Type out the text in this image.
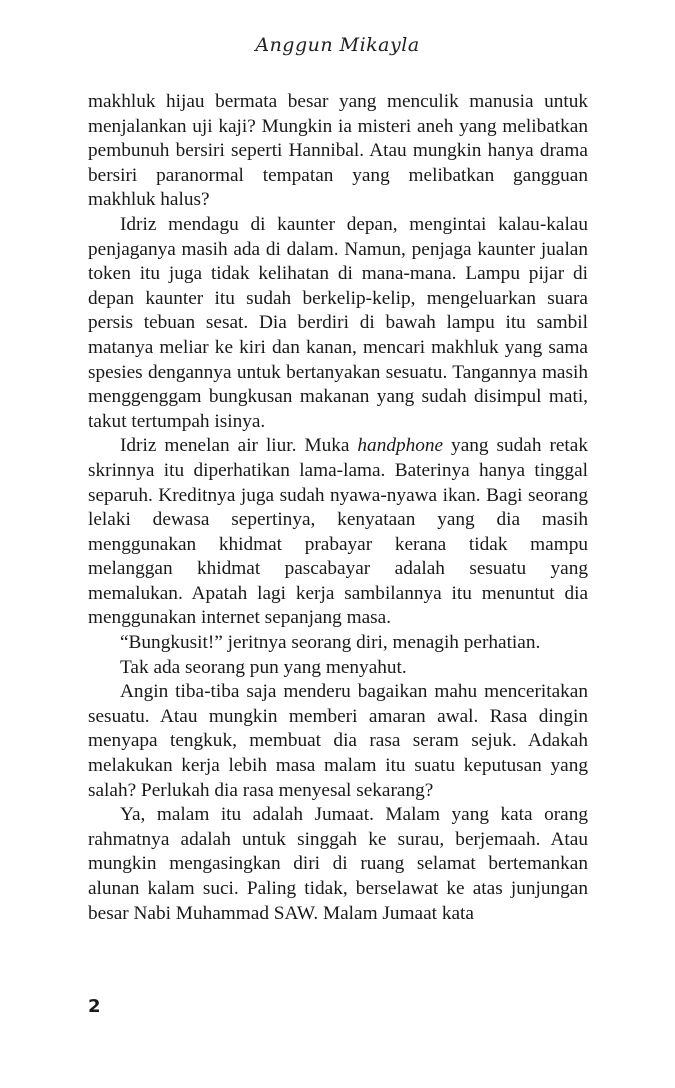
Anggun Mikayla

makhluk hijau bermata besar yang menculik manusia untuk menjalankan uji kaji? Mungkin ia misteri aneh yang melibatkan pembunuh bersiri seperti Hannibal. Atau mungkin hanya drama bersiri paranormal tempatan yang melibatkan gangguan makhluk halus?

Idriz mendagu di kaunter depan, mengintai kalau-kalau penjaganya masih ada di dalam. Namun, penjaga kaunter jualan token itu juga tidak kelihatan di mana-mana. Lampu pijar di depan kaunter itu sudah berkelip-kelip, mengeluarkan suara persis tebuan sesat. Dia berdiri di bawah lampu itu sambil matanya meliar ke kiri dan kanan, mencari makhluk yang sama spesies dengannya untuk bertanyakan sesuatu. Tangannya masih menggenggam bungkusan makanan yang sudah disimpul mati, takut tertumpah isinya.

Idriz menelan air liur. Muka handphone yang sudah retak skrinnya itu diperhatikan lama-lama. Baterinya hanya tinggal separuh. Kreditnya juga sudah nyawa-nyawa ikan. Bagi seorang lelaki dewasa sepertinya, kenyataan yang dia masih menggunakan khidmat prabayar kerana tidak mampu melanggan khidmat pascabayar adalah sesuatu yang memalukan. Apatah lagi kerja sambilannya itu menuntut dia menggunakan internet sepanjang masa.

“Bungkusit!” jeritnya seorang diri, menagih perhatian.

Tak ada seorang pun yang menyahut.

Angin tiba-tiba saja menderu bagaikan mahu menceritakan sesuatu. Atau mungkin memberi amaran awal. Rasa dingin menyapa tengkuk, membuat dia rasa seram sejuk. Adakah melakukan kerja lebih masa malam itu suatu keputusan yang salah? Perlukah dia rasa menyesal sekarang?

Ya, malam itu adalah Jumaat. Malam yang kata orang rahmatnya adalah untuk singgah ke surau, berjemaah. Atau mungkin mengasingkan diri di ruang selamat bertemankan alunan kalam suci. Paling tidak, berselawat ke atas junjungan besar Nabi Muhammad SAW. Malam Jumaat kata

2
